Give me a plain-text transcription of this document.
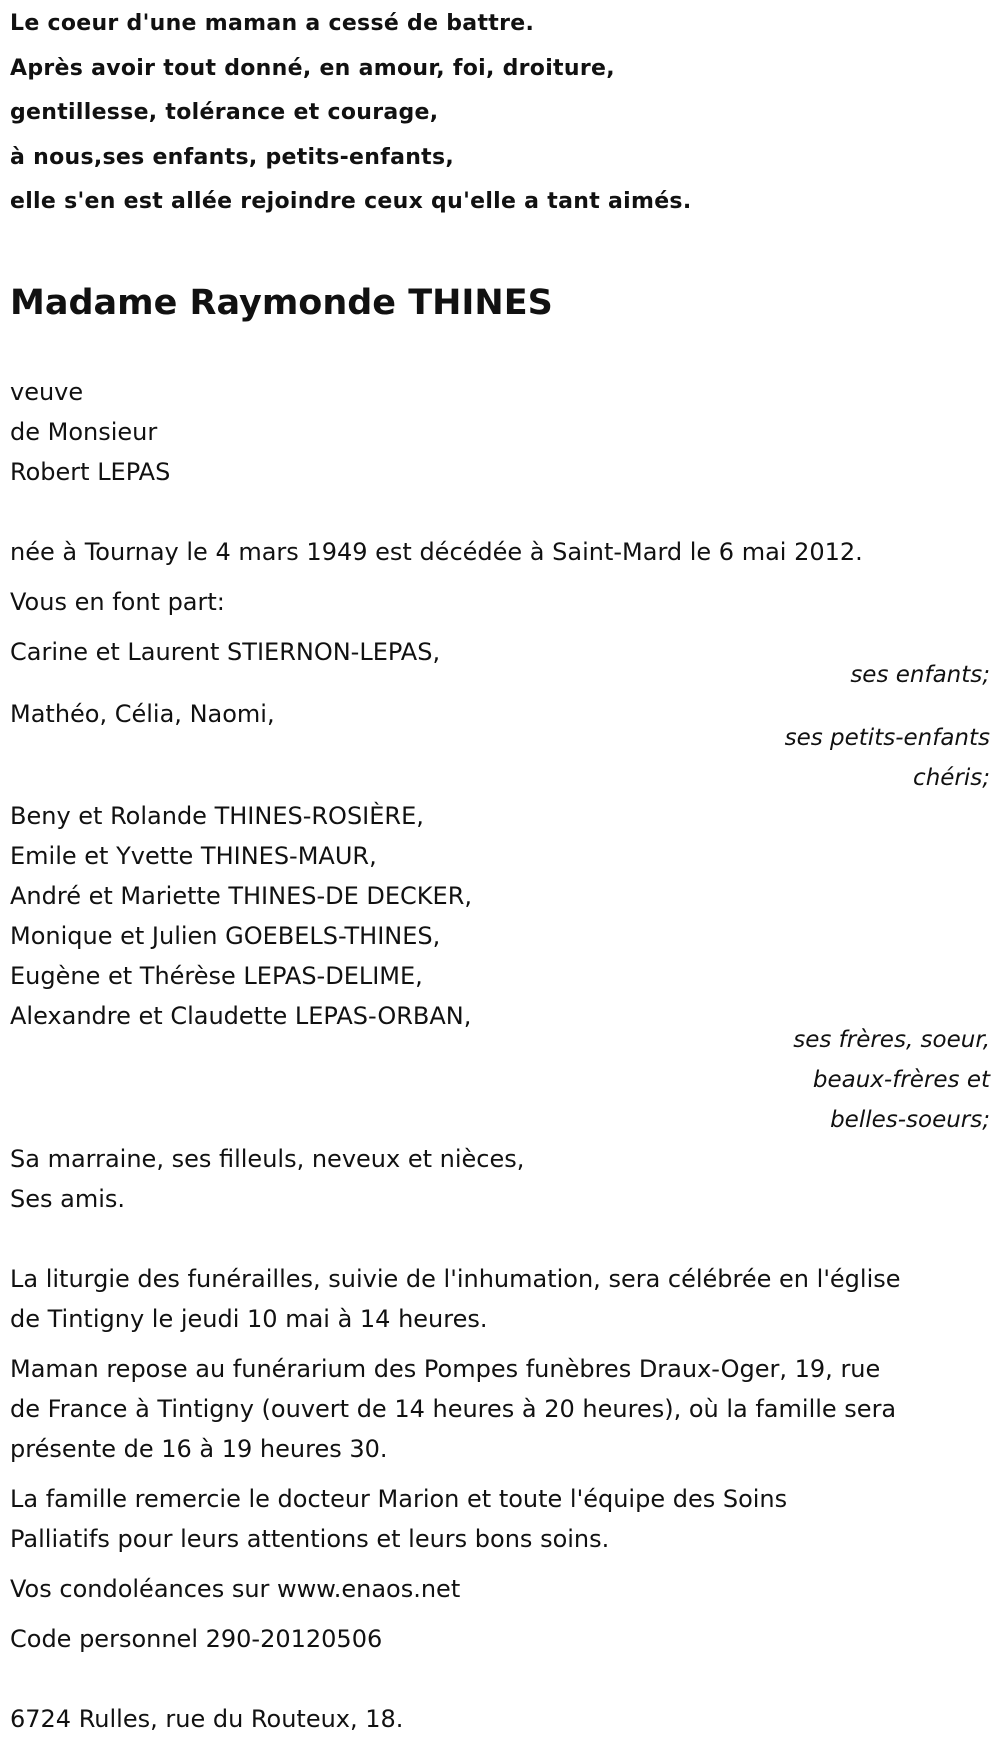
Le coeur d'une maman a cessé de battre.
Après avoir tout donné, en amour, foi, droiture,
gentillesse, tolérance et courage,
à nous,ses enfants, petits-enfants,
elle s'en est allée rejoindre ceux qu'elle a tant aimés.
Madame Raymonde THINES
veuve
de Monsieur
Robert LEPAS
née à Tournay le 4 mars 1949 est décédée à Saint-Mard le 6 mai 2012.
Vous en font part:
Carine et Laurent STIERNON-LEPAS,
ses enfants;
Mathéo, Célia, Naomi,
ses petits-enfants
chéris;
Beny et Rolande THINES-ROSIÈRE,
Emile et Yvette THINES-MAUR,
André et Mariette THINES-DE DECKER,
Monique et Julien GOEBELS-THINES,
Eugène et Thérèse LEPAS-DELIME,
Alexandre et Claudette LEPAS-ORBAN,
ses frères, soeur,
beaux-frères et
belles-soeurs;
Sa marraine, ses filleuls, neveux et nièces,
Ses amis.
La liturgie des funérailles, suivie de l'inhumation, sera célébrée en l'église
de Tintigny le jeudi 10 mai à 14 heures.
Maman repose au funérarium des Pompes funèbres Draux-Oger, 19, rue
de France à Tintigny (ouvert de 14 heures à 20 heures), où la famille sera
présente de 16 à 19 heures 30.
La famille remercie le docteur Marion et toute l'équipe des Soins
Palliatifs pour leurs attentions et leurs bons soins.
Vos condoléances sur www.enaos.net
Code personnel 290-20120506
6724 Rulles, rue du Routeux, 18.
